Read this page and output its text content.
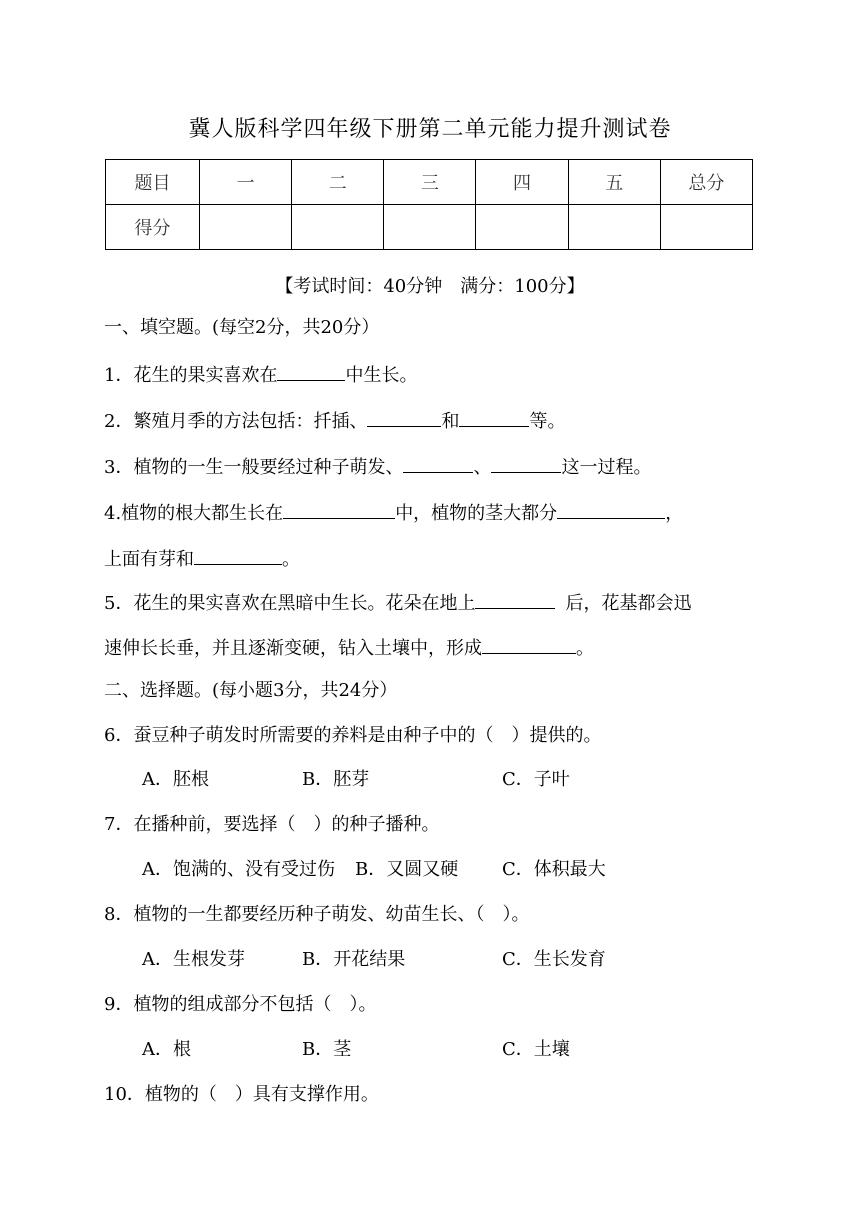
冀人版科学四年级下册第二单元能力提升测试卷
题目	一	二	三	四	五	总分
得分						
【考试时间：40分钟　满分：100分】
一、填空题。(每空2分，共20分）
1．花生的果实喜欢在	中生长。
2．繁殖月季的方法包括：扦插、	和	等。
3．植物的一生一般要经过种子萌发、	、	这一过程。
4.植物的根大都生长在	中，植物的茎大都分	，
上面有芽和	。
5．花生的果实喜欢在黑暗中生长。花朵在地上	后，花基都会迅
速伸长长垂，并且逐渐变硬，钻入土壤中，形成	。
二、选择题。(每小题3分，共24分）
6．蚕豆种子萌发时所需要的养料是由种子中的（　）提供的。
A．胚根	B．胚芽	C．子叶
7．在播种前，要选择（　）的种子播种。
A．饱满的、没有受过伤 B．又圆又硬 C．体积最大
8．植物的一生都要经历种子萌发、幼苗生长、（　）。
A．生根发芽	B．开花结果	C．生长发育
9．植物的组成部分不包括（　）。
A．根	B．茎	C．土壤
10．植物的（　）具有支撑作用。
